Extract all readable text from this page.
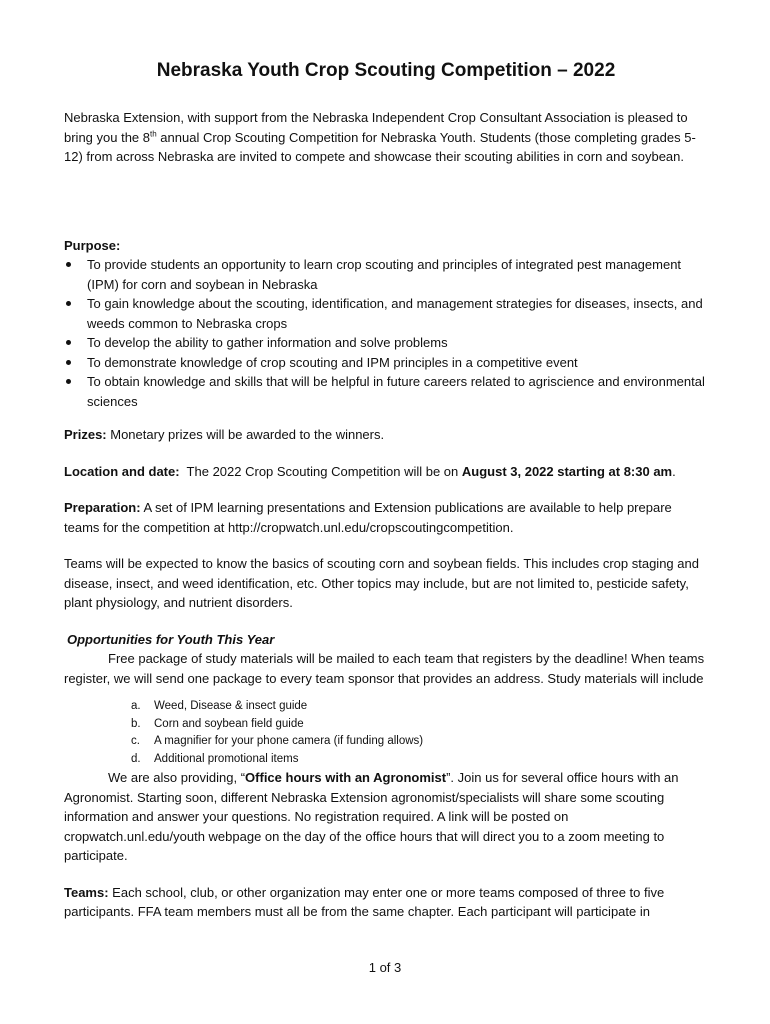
Nebraska Youth Crop Scouting Competition – 2022

Nebraska Extension, with support from the Nebraska Independent Crop Consultant Association is pleased to bring you the 8th annual Crop Scouting Competition for Nebraska Youth. Students (those completing grades 5-12) from across Nebraska are invited to compete and showcase their scouting abilities in corn and soybean.

Purpose:

To provide students an opportunity to learn crop scouting and principles of integrated pest management (IPM) for corn and soybean in Nebraska
To gain knowledge about the scouting, identification, and management strategies for diseases, insects, and weeds common to Nebraska crops
To develop the ability to gather information and solve problems
To demonstrate knowledge of crop scouting and IPM principles in a competitive event
To obtain knowledge and skills that will be helpful in future careers related to agriscience and environmental sciences

Prizes: Monetary prizes will be awarded to the winners.

Location and date:  The 2022 Crop Scouting Competition will be on August 3, 2022 starting at 8:30 am.

Preparation: A set of IPM learning presentations and Extension publications are available to help prepare teams for the competition at http://cropwatch.unl.edu/cropscoutingcompetition.

Teams will be expected to know the basics of scouting corn and soybean fields. This includes crop staging and disease, insect, and weed identification, etc. Other topics may include, but are not limited to, pesticide safety, plant physiology, and nutrient disorders.

Opportunities for Youth This Year

Free package of study materials will be mailed to each team that registers by the deadline! When teams register, we will send one package to every team sponsor that provides an address. Study materials will include

a. Weed, Disease & insect guide
b. Corn and soybean field guide
c. A magnifier for your phone camera (if funding allows)
d. Additional promotional items

We are also providing, “Office hours with an Agronomist”. Join us for several office hours with an Agronomist. Starting soon, different Nebraska Extension agronomist/specialists will share some scouting information and answer your questions. No registration required. A link will be posted on cropwatch.unl.edu/youth webpage on the day of the office hours that will direct you to a zoom meeting to participate.

Teams: Each school, club, or other organization may enter one or more teams composed of three to five participants. FFA team members must all be from the same chapter. Each participant will participate in

1 of 3
